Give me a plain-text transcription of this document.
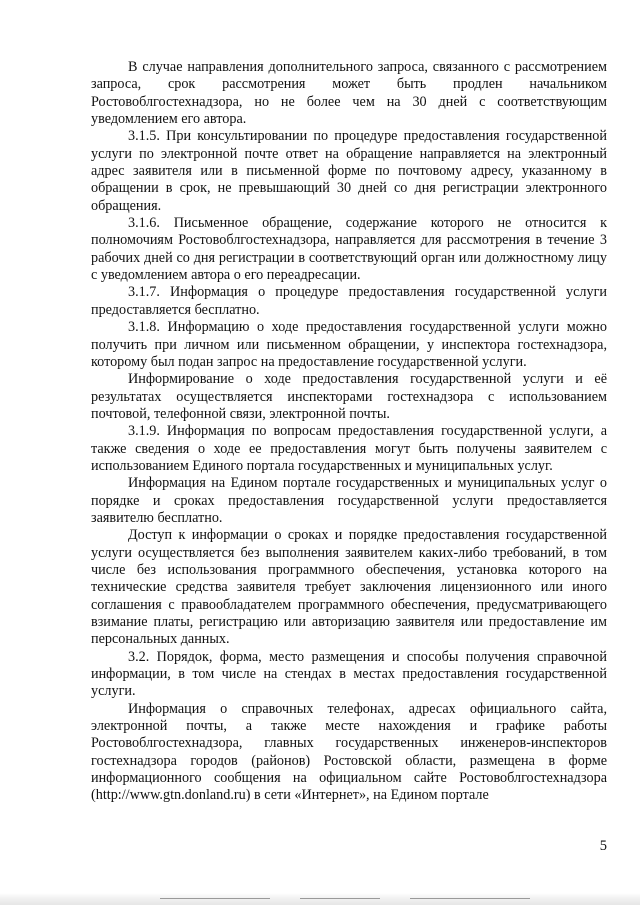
В случае направления дополнительного запроса, связанного с рассмотрением запроса, срок рассмотрения может быть продлен начальником Ростовоблгостехнадзора, но не более чем на 30 дней с соответствующим уведомлением его автора.

3.1.5. При консультировании по процедуре предоставления государственной услуги по электронной почте ответ на обращение направляется на электронный адрес заявителя или в письменной форме по почтовому адресу, указанному в обращении в срок, не превышающий 30 дней со дня регистрации электронного обращения.

3.1.6. Письменное обращение, содержание которого не относится к полномочиям Ростовоблгостехнадзора, направляется для рассмотрения в течение 3 рабочих дней со дня регистрации в соответствующий орган или должностному лицу с уведомлением автора о его переадресации.

3.1.7. Информация о процедуре предоставления государственной услуги предоставляется бесплатно.

3.1.8. Информацию о ходе предоставления государственной услуги можно получить при личном или письменном обращении, у инспектора гостехнадзора, которому был подан запрос на предоставление государственной услуги.

Информирование о ходе предоставления государственной услуги и её результатах осуществляется инспекторами гостехнадзора с использованием почтовой, телефонной связи, электронной почты.

3.1.9. Информация по вопросам предоставления государственной услуги, а также сведения о ходе ее предоставления могут быть получены заявителем с использованием Единого портала государственных и муниципальных услуг.

Информация на Едином портале государственных и муниципальных услуг о порядке и сроках предоставления государственной услуги предоставляется заявителю бесплатно.

Доступ к информации о сроках и порядке предоставления государственной услуги осуществляется без выполнения заявителем каких-либо требований, в том числе без использования программного обеспечения, установка которого на технические средства заявителя требует заключения лицензионного или иного соглашения с правообладателем программного обеспечения, предусматривающего взимание платы, регистрацию или авторизацию заявителя или предоставление им персональных данных.

3.2. Порядок, форма, место размещения и способы получения справочной информации, в том числе на стендах в местах предоставления государственной услуги.

Информация о справочных телефонах, адресах официального сайта, электронной почты, а также месте нахождения и графике работы Ростовоблгостехнадзора, главных государственных инженеров-инспекторов гостехнадзора городов (районов) Ростовской области, размещена в форме информационного сообщения на официальном сайте Ростовоблгостехнадзора (http://www.gtn.donland.ru) в сети «Интернет», на Едином портале

5
